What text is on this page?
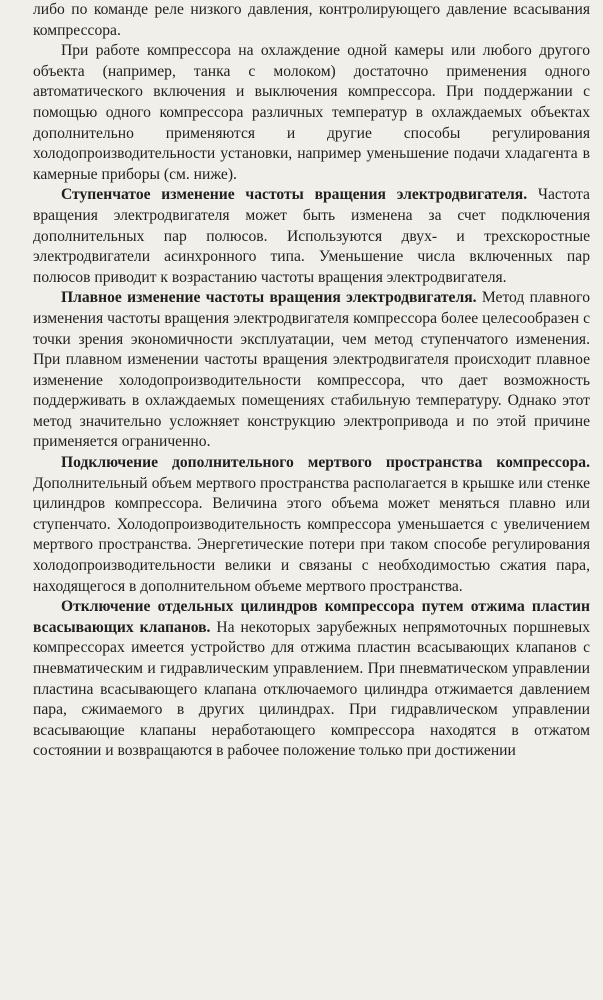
либо по команде реле низкого давления, контролирующего давление всасывания компрессора.

При работе компрессора на охлаждение одной камеры или любого другого объекта (например, танка с молоком) достаточно применения одного автоматического включения и выключения компрессора. При поддержании с помощью одного компрессора различных температур в охлаждаемых объектах дополнительно применяются и другие способы регулирования холодопроизводительности установки, например уменьшение подачи хладагента в камерные приборы (см. ниже).

Ступенчатое изменение частоты вращения электродвигателя. Частота вращения электродвигателя может быть изменена за счет подключения дополнительных пар полюсов. Используются двух- и трехскоростные электродвигатели асинхронного типа. Уменьшение числа включенных пар полюсов приводит к возрастанию частоты вращения электродвигателя.

Плавное изменение частоты вращения электродвигателя. Метод плавного изменения частоты вращения электродвигателя компрессора более целесообразен с точки зрения экономичности эксплуатации, чем метод ступенчатого изменения. При плавном изменении частоты вращения электродвигателя происходит плавное изменение холодопроизводительности компрессора, что дает возможность поддерживать в охлаждаемых помещениях стабильную температуру. Однако этот метод значительно усложняет конструкцию электропривода и по этой причине применяется ограниченно.

Подключение дополнительного мертвого пространства компрессора. Дополнительный объем мертвого пространства располагается в крышке или стенке цилиндров компрессора. Величина этого объема может меняться плавно или ступенчато. Холодопроизводительность компрессора уменьшается с увеличением мертвого пространства. Энергетические потери при таком способе регулирования холодопроизводительности велики и связаны с необходимостью сжатия пара, находящегося в дополнительном объеме мертвого пространства.

Отключение отдельных цилиндров компрессора путем отжима пластин всасывающих клапанов. На некоторых зарубежных непрямоточных поршневых компрессорах имеется устройство для отжима пластин всасывающих клапанов с пневматическим и гидравлическим управлением. При пневматическом управлении пластина всасывающего клапана отключаемого цилиндра отжимается давлением пара, сжимаемого в других цилиндрах. При гидравлическом управлении всасывающие клапаны неработающего компрессора находятся в отжатом состоянии и возвращаются в рабочее положение только при достижении
